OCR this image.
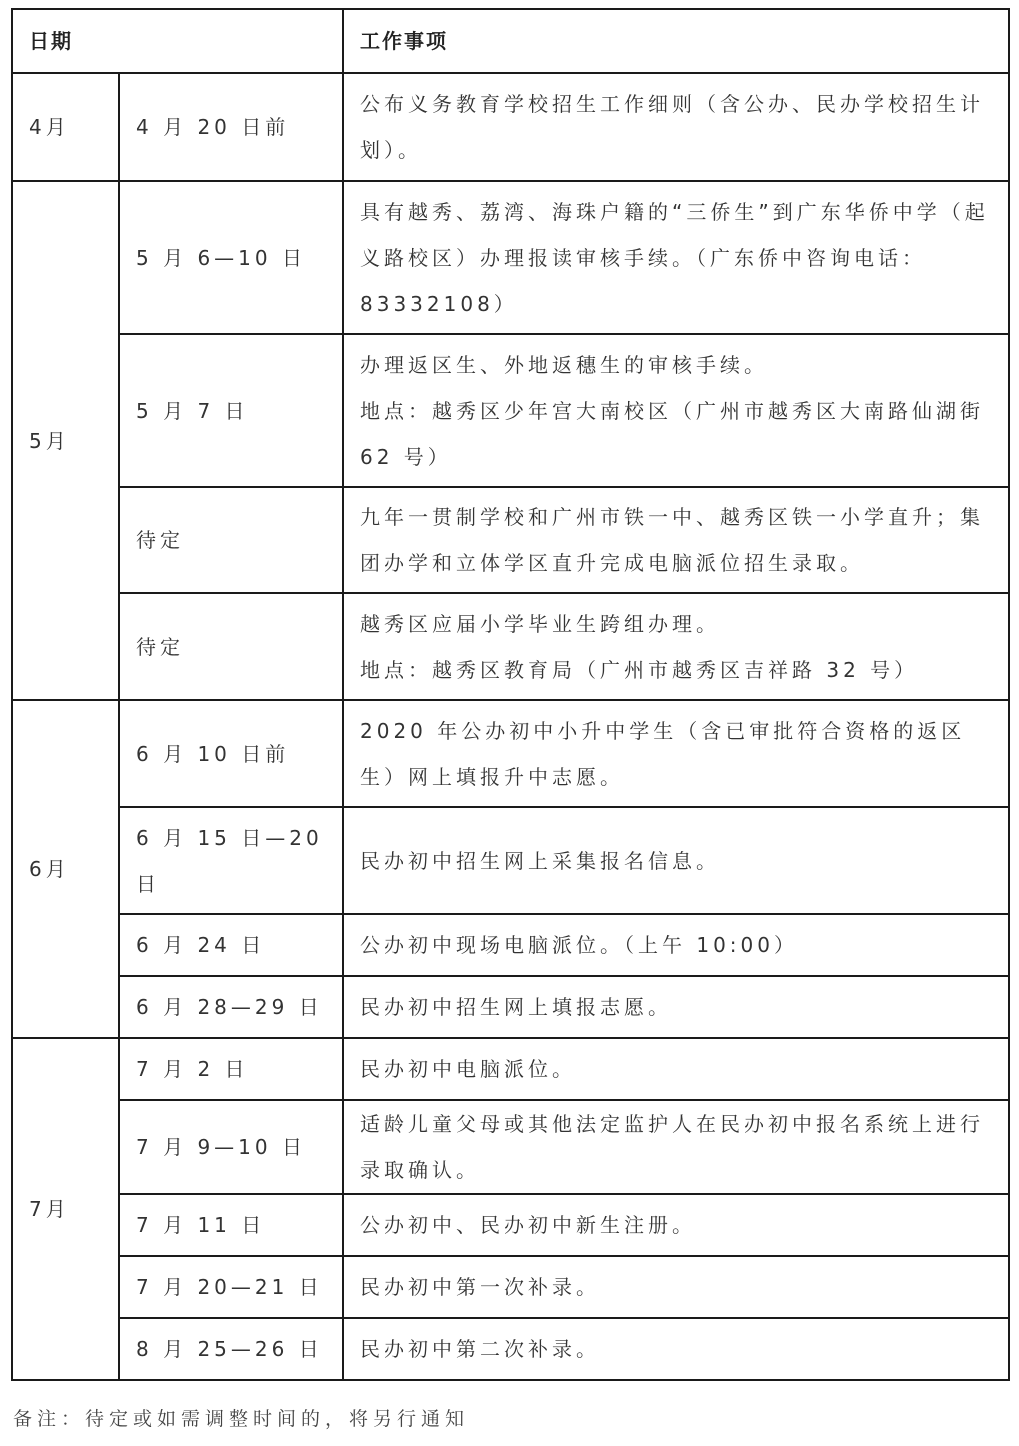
日期		工作事项
4月	4 月 20 日前	公布义务教育学校招生工作细则（含公办、民办学校招生计划）。

5月	5 月 6—10 日	具有越秀、荔湾、海珠户籍的“三侨生”到广东华侨中学（起义路校区）办理报读审核手续。（广东侨中咨询电话：83332108）

	5 月 7 日	办理返区生、外地返穗生的审核手续。
地点：越秀区少年宫大南校区（广州市越秀区大南路仙湖街 62 号）

	待定	九年一贯制学校和广州市铁一中、越秀区铁一小学直升；集团办学和立体学区直升完成电脑派位招生录取。

	待定	越秀区应届小学毕业生跨组办理。
地点：越秀区教育局（广州市越秀区吉祥路 32 号）

6月	6 月 10 日前	2020 年公办初中小升中学生（含已审批符合资格的返区生）网上填报升中志愿。

	6 月 15 日—20 日	民办初中招生网上采集报名信息。

	6 月 24 日	公办初中现场电脑派位。（上午 10:00）

	6 月 28—29 日	民办初中招生网上填报志愿。

7月	7 月 2 日	民办初中电脑派位。

	7 月 9—10 日	适龄儿童父母或其他法定监护人在民办初中报名系统上进行录取确认。

	7 月 11 日	公办初中、民办初中新生注册。

	7 月 20—21 日	民办初中第一次补录。

	8 月 25—26 日	民办初中第二次补录。
备注：待定或如需调整时间的，将另行通知
